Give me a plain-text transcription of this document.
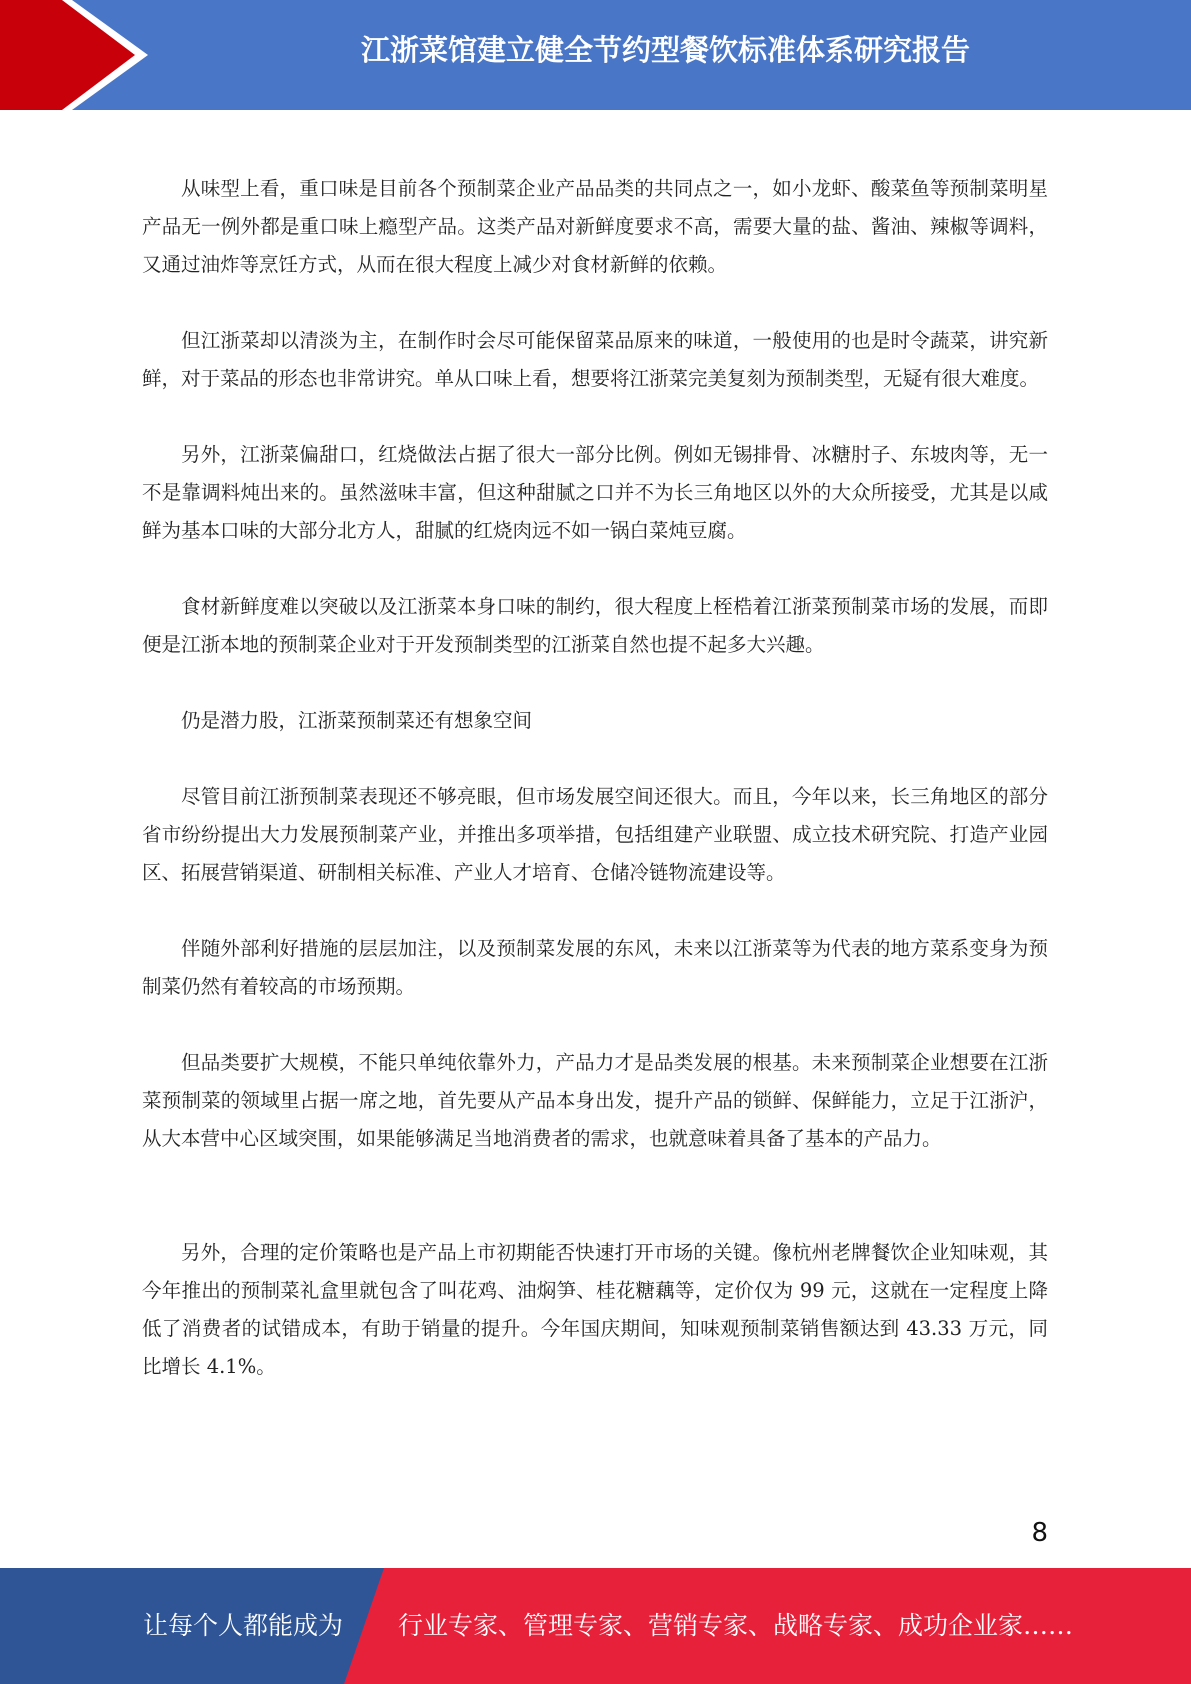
江浙菜馆建立健全节约型餐饮标准体系研究报告

从味型上看，重口味是目前各个预制菜企业产品品类的共同点之一，如小龙虾、酸菜鱼等预制菜明星产品无一例外都是重口味上瘾型产品。这类产品对新鲜度要求不高，需要大量的盐、酱油、辣椒等调料，又通过油炸等烹饪方式，从而在很大程度上减少对食材新鲜的依赖。

但江浙菜却以清淡为主，在制作时会尽可能保留菜品原来的味道，一般使用的也是时令蔬菜，讲究新鲜，对于菜品的形态也非常讲究。单从口味上看，想要将江浙菜完美复刻为预制类型，无疑有很大难度。

另外，江浙菜偏甜口，红烧做法占据了很大一部分比例。例如无锡排骨、冰糖肘子、东坡肉等，无一不是靠调料炖出来的。虽然滋味丰富，但这种甜腻之口并不为长三角地区以外的大众所接受，尤其是以咸鲜为基本口味的大部分北方人，甜腻的红烧肉远不如一锅白菜炖豆腐。

食材新鲜度难以突破以及江浙菜本身口味的制约，很大程度上桎梏着江浙菜预制菜市场的发展，而即便是江浙本地的预制菜企业对于开发预制类型的江浙菜自然也提不起多大兴趣。

仍是潜力股，江浙菜预制菜还有想象空间

尽管目前江浙预制菜表现还不够亮眼，但市场发展空间还很大。而且，今年以来，长三角地区的部分省市纷纷提出大力发展预制菜产业，并推出多项举措，包括组建产业联盟、成立技术研究院、打造产业园区、拓展营销渠道、研制相关标准、产业人才培育、仓储冷链物流建设等。

伴随外部利好措施的层层加注，以及预制菜发展的东风，未来以江浙菜等为代表的地方菜系变身为预制菜仍然有着较高的市场预期。

但品类要扩大规模，不能只单纯依靠外力，产品力才是品类发展的根基。未来预制菜企业想要在江浙菜预制菜的领域里占据一席之地，首先要从产品本身出发，提升产品的锁鲜、保鲜能力，立足于江浙沪，从大本营中心区域突围，如果能够满足当地消费者的需求，也就意味着具备了基本的产品力。

另外，合理的定价策略也是产品上市初期能否快速打开市场的关键。像杭州老牌餐饮企业知味观，其今年推出的预制菜礼盒里就包含了叫花鸡、油焖笋、桂花糖藕等，定价仅为 99 元，这就在一定程度上降低了消费者的试错成本，有助于销量的提升。今年国庆期间，知味观预制菜销售额达到 43.33 万元，同比增长 4.1%。

8
让每个人都能成为 行业专家、管理专家、营销专家、战略专家、成功企业家……
